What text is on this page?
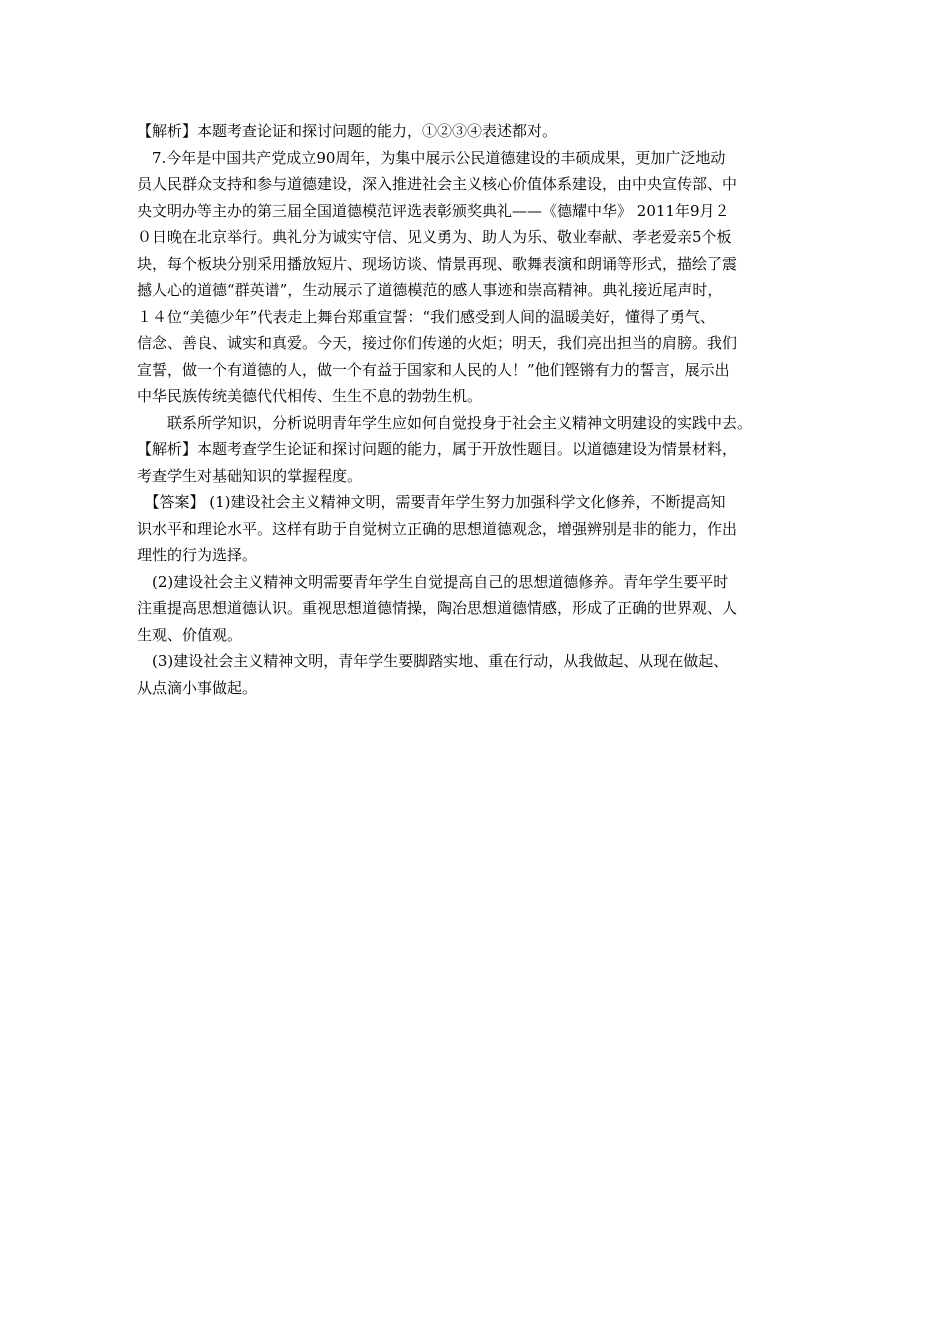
【解析】本题考查论证和探讨问题的能力，①②③④表述都对。
　7.今年是中国共产党成立90周年，为集中展示公民道德建设的丰硕成果，更加广泛地动
员人民群众支持和参与道德建设，深入推进社会主义核心价值体系建设，由中央宣传部、中
央文明办等主办的第三届全国道德模范评选表彰颁奖典礼——《德耀中华》 2011年9月２
０日晚在北京举行。典礼分为诚实守信、见义勇为、助人为乐、敬业奉献、孝老爱亲5个板
块，每个板块分别采用播放短片、现场访谈、情景再现、歌舞表演和朗诵等形式，描绘了震
撼人心的道德“群英谱”，生动展示了道德模范的感人事迹和崇高精神。典礼接近尾声时，
１４位“美德少年”代表走上舞台郑重宣誓：“我们感受到人间的温暖美好，懂得了勇气、
信念、善良、诚实和真爱。今天，接过你们传递的火炬；明天，我们亮出担当的肩膀。我们
宣誓，做一个有道德的人，做一个有益于国家和人民的人！”他们铿锵有力的誓言，展示出
中华民族传统美德代代相传、生生不息的勃勃生机。
　　联系所学知识，分析说明青年学生应如何自觉投身于社会主义精神文明建设的实践中去。
【解析】本题考查学生论证和探讨问题的能力，属于开放性题目。以道德建设为情景材料，
考查学生对基础知识的掌握程度。
　【答案】 (1)建设社会主义精神文明，需要青年学生努力加强科学文化修养，不断提高知
识水平和理论水平。这样有助于自觉树立正确的思想道德观念，增强辨别是非的能力，作出
理性的行为选择。
　(2)建设社会主义精神文明需要青年学生自觉提高自己的思想道德修养。青年学生要平时
注重提高思想道德认识。重视思想道德情操，陶冶思想道德情感，形成了正确的世界观、人
生观、价值观。
　(3)建设社会主义精神文明，青年学生要脚踏实地、重在行动，从我做起、从现在做起、
从点滴小事做起。
